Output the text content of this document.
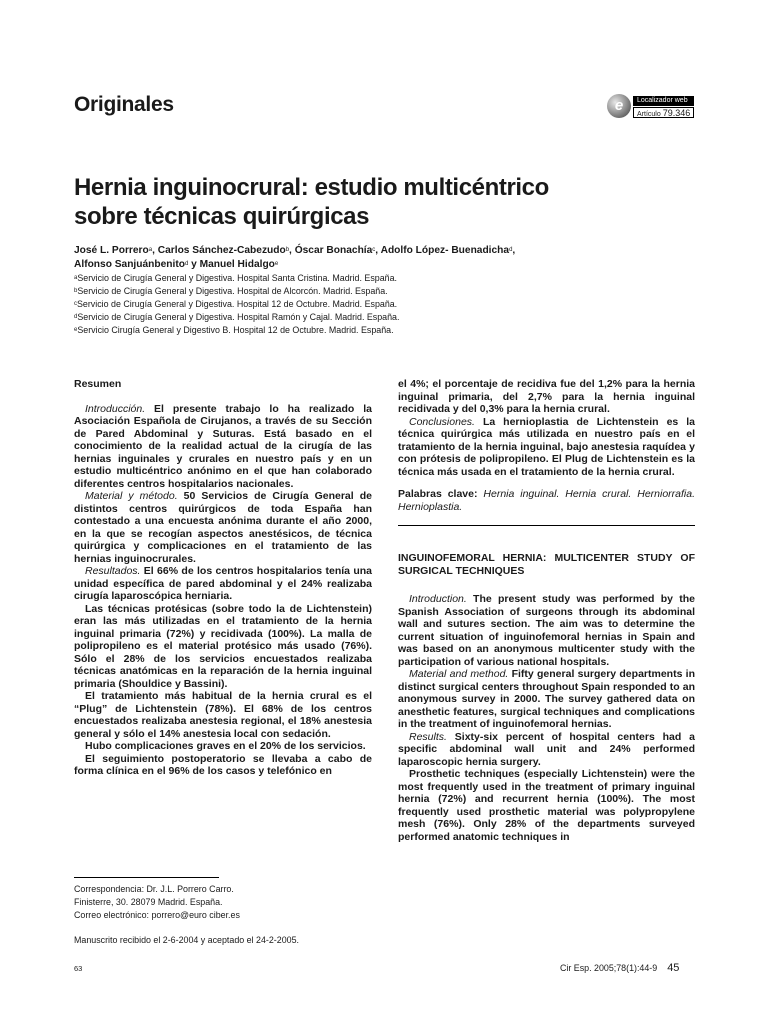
Originales	e	Localizador web
Artículo 79.346
Hernia inguinocrural: estudio multicéntrico
sobre técnicas quirúrgicas
José L. Porrero$^a$, Carlos Sánchez-Cabezudo$^b$, Óscar Bonachía$^c$, Adolfo López- Buenadicha$^d$,
Alfonso Sanjuánbenito$^d$ y Manuel Hidalgo$^e$
$^a$Servicio de Cirugía General y Digestiva. Hospital Santa Cristina. Madrid. España.
$^b$Servicio de Cirugía General y Digestiva. Hospital de Alcorcón. Madrid. España.
$^c$Servicio de Cirugía General y Digestiva. Hospital 12 de Octubre. Madrid. España.
$^d$Servicio de Cirugía General y Digestiva. Hospital Ramón y Cajal. Madrid. España.
$^e$Servicio Cirugía General y Digestivo B. Hospital 12 de Octubre. Madrid. España.

Resumen

Introducción. El presente trabajo lo ha realizado la Asociación Española de Cirujanos, a través de su Sección de Pared Abdominal y Suturas. Está basado en el conocimiento de la realidad actual de la cirugía de las hernias inguinales y crurales en nuestro país y en un estudio multicéntrico anónimo en el que han colaborado diferentes centros hospitalarios nacionales.

Material y método. 50 Servicios de Cirugía General de distintos centros quirúrgicos de toda España han contestado a una encuesta anónima durante el año 2000, en la que se recogían aspectos anestésicos, de técnica quirúrgica y complicaciones en el tratamiento de las hernias inguinocrurales.

Resultados. El 66% de los centros hospitalarios tenía una unidad específica de pared abdominal y el 24% realizaba cirugía laparoscópica herniaria.

Las técnicas protésicas (sobre todo la de Lichtenstein) eran las más utilizadas en el tratamiento de la hernia inguinal primaria (72%) y recidivada (100%). La malla de polipropileno es el material protésico más usado (76%). Sólo el 28% de los servicios encuestados realizaba técnicas anatómicas en la reparación de la hernia inguinal primaria (Shouldice y Bassini).

El tratamiento más habitual de la hernia crural es el “Plug” de Lichtenstein (78%). El 68% de los centros encuestados realizaba anestesia regional, el 18% anestesia general y sólo el 14% anestesia local con sedación.

Hubo complicaciones graves en el 20% de los servicios.

El seguimiento postoperatorio se llevaba a cabo de forma clínica en el 96% de los casos y telefónico en

el 4%; el porcentaje de recidiva fue del 1,2% para la hernia inguinal primaria, del 2,7% para la hernia inguinal recidivada y del 0,3% para la hernia crural.

Conclusiones. La hernioplastia de Lichtenstein es la técnica quirúrgica más utilizada en nuestro país en el tratamiento de la hernia inguinal, bajo anestesia raquídea y con prótesis de polipropileno. El Plug de Lichtenstein es la técnica más usada en el tratamiento de la hernia crural.

Palabras clave: Hernia inguinal. Hernia crural. Herniorrafia. Hernioplastia.

INGUINOFEMORAL HERNIA: MULTICENTER STUDY OF SURGICAL TECHNIQUES

Introduction. The present study was performed by the Spanish Association of surgeons through its abdominal wall and sutures section. The aim was to determine the current situation of inguinofemoral hernias in Spain and was based on an anonymous multicenter study with the participation of various national hospitals.

Material and method. Fifty general surgery departments in distinct surgical centers throughout Spain responded to an anonymous survey in 2000. The survey gathered data on anesthetic features, surgical techniques and complications in the treatment of inguinofemoral hernias.

Results. Sixty-six percent of hospital centers had a specific abdominal wall unit and 24% performed laparoscopic hernia surgery.

Prosthetic techniques (especially Lichtenstein) were the most frequently used in the treatment of primary inguinal hernia (72%) and recurrent hernia (100%). The most frequently used prosthetic material was polypropylene mesh (76%). Only 28% of the departments surveyed performed anatomic techniques in

Correspondencia: Dr. J.L. Porrero Carro.
Finisterre, 30. 28079 Madrid. España.
Correo electrónico: porrero@euro ciber.es
Manuscrito recibido el 2-6-2004 y aceptado el 24-2-2005.
63	Cir Esp. 2005;78(1):44-9 45
